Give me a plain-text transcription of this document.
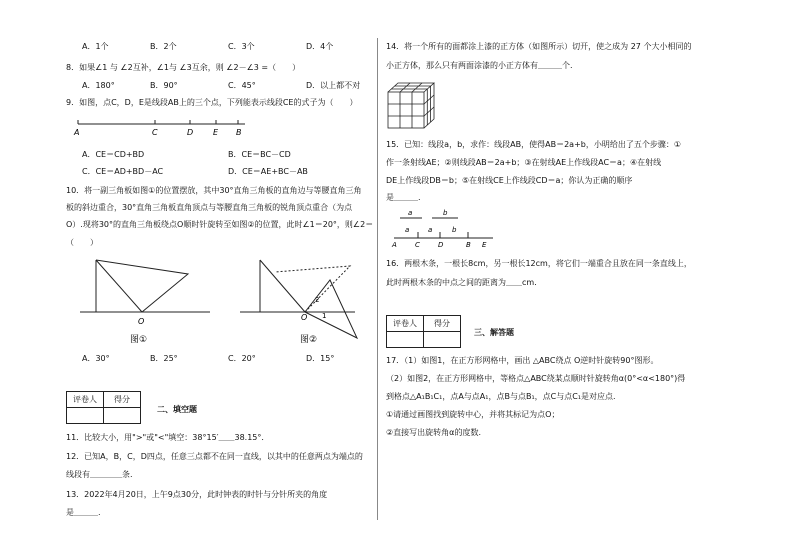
A．1个	B．2个	C．3个	D．4个
8．如果∠1 与 ∠2互补，∠1与 ∠3互余，则 ∠2－∠3 =（　　）
A．180°	B．90°	C．45°	D．以上都不对
9．如图，点C，D，E是线段AB上的三个点，下列能表示线段CE的式子为（　　）
A	C	D E B
A．CE＝CD+BD	B．CE＝BC－CD
C．CE＝AD+BD－AC	D．CE＝AE+BC－AB
10．将一副三角板如图①的位置摆放，其中30°直角三角板的直角边与等腰直角三角
板的斜边重合，30°直角三角板直角顶点与等腰直角三角板的锐角顶点重合（为点
O）.现将30°的直角三角板绕点O顺时针旋转至如图②的位置，此时∠1＝20°，则∠2＝
（　　）
O
图①
O 1
2
图②
A．30°	B．25°	C．20°	D．15°
评卷人	得分

二、填空题
11．比较大小，用">"或"<"填空：38°15′＿＿38.15°．
12．已知A，B，C，D四点，任意三点都不在同一直线，以其中的任意两点为端点的
线段有＿＿＿＿条.
13．2022年4月20日，上午9点30分，此时钟表的时针与分针所夹的角度
是＿＿＿.
14．将一个所有的面都涂上漆的正方体（如图所示）切开，使之成为 27 个大小相同的
小正方体，那么只有两面涂漆的小正方体有＿＿＿个.
15．已知：线段a，b，求作：线段AB，使得AB＝2a+b，小明给出了五个步骤：①
作一条射线AE；②则线段AB＝2a+b；③在射线AE上作线段AC＝a；④在射线
DE上作线段DB＝b；⑤在射线CE上作线段CD＝a；你认为正确的顺序
是＿＿＿.
a	b
a	a	b
A	C	D	B E
16．两根木条，一根长8cm，另一根长12cm，将它们一端重合且放在同一条直线上，
此时两根木条的中点之间的距离为＿＿cm．
评卷人	得分

三、解答题
17．（1）如图1，在正方形网格中，画出 △ABC绕点 O逆时针旋转90°图形。
（2）如图2，在正方形网格中，等格点△ABC绕某点顺时针旋转角α(0°<α<180°)得
到格点△A₁B₁C₁，点A与点A₁，点B与点B₁，点C与点C₁是对应点.
①请通过画图找到旋转中心，并将其标记为点O；
②直接写出旋转角α的度数.
